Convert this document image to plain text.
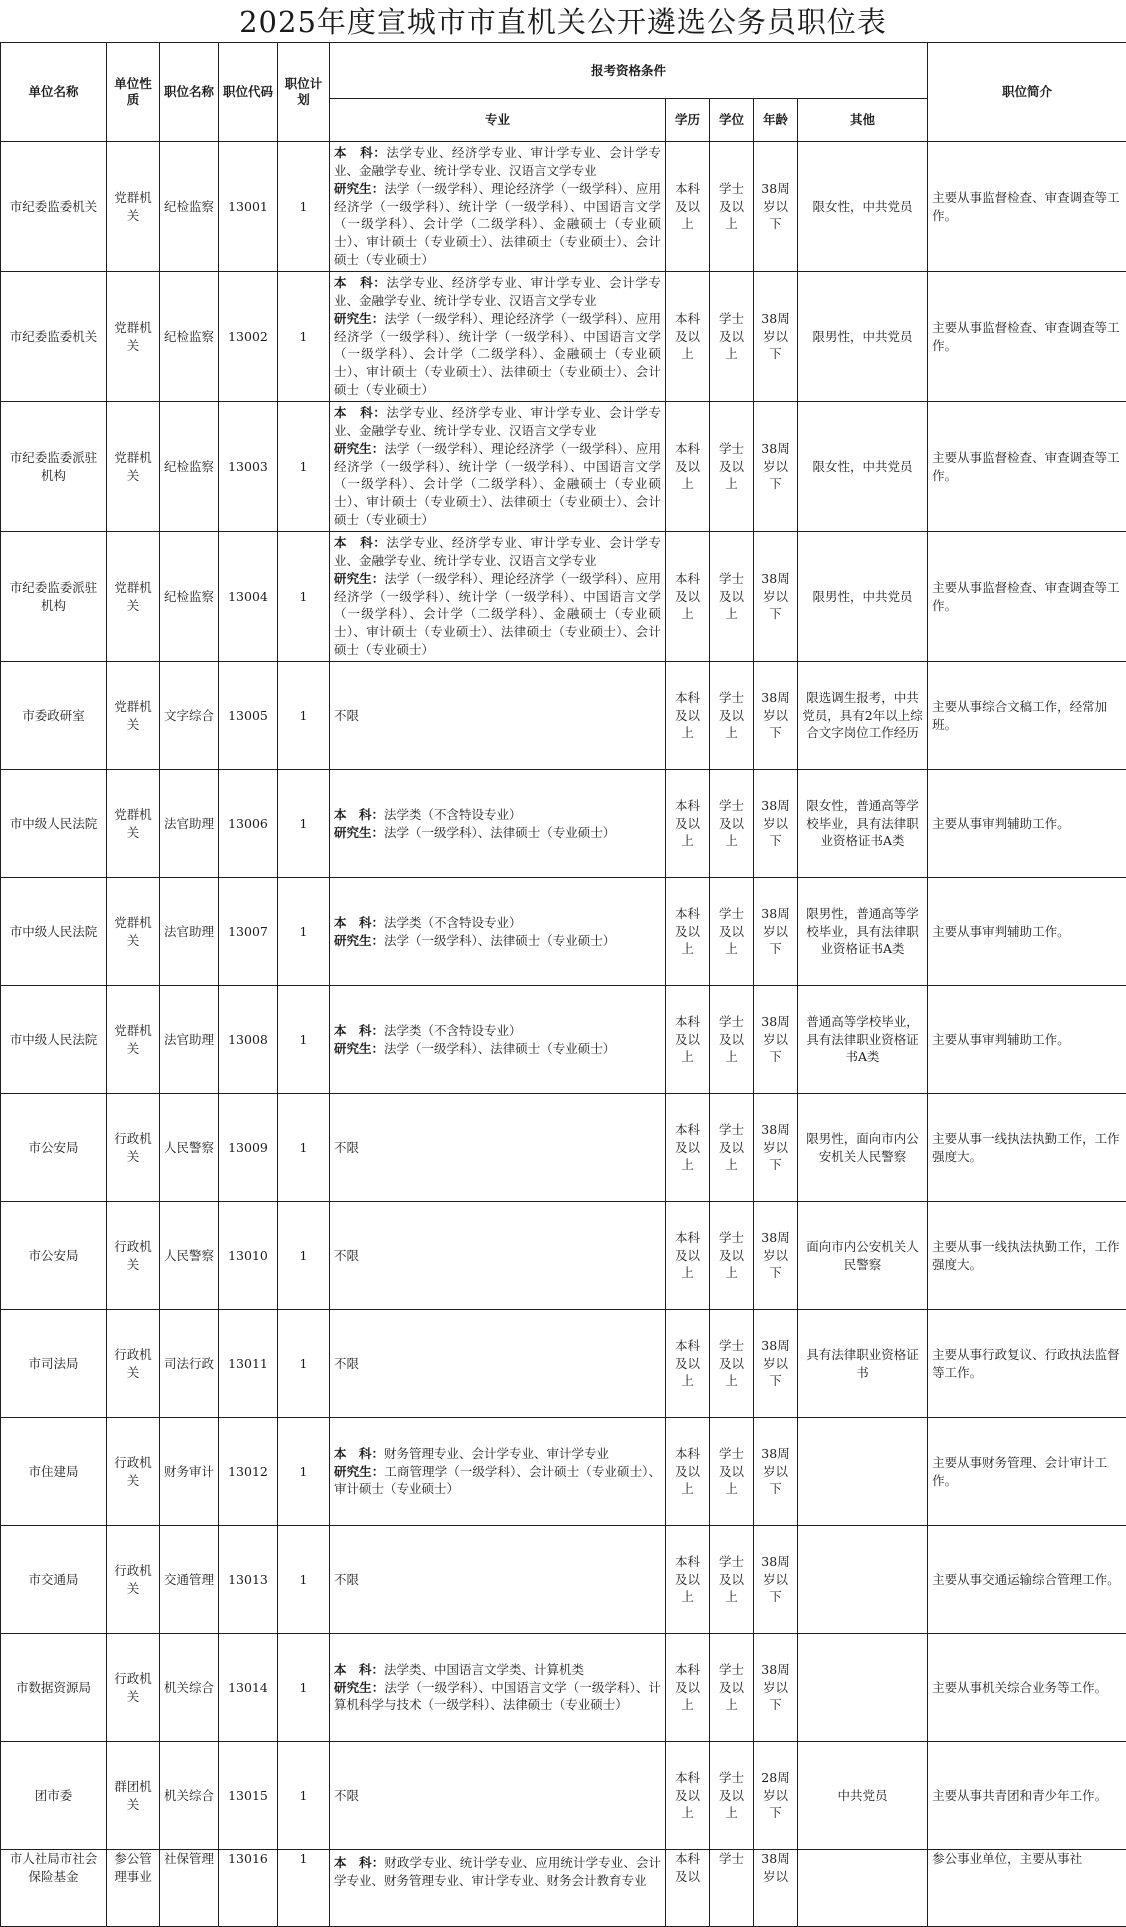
2025年度宣城市市直机关公开遴选公务员职位表
单位名称	单位性质	职位名称	职位代码	职位计划	报考资格条件					职位简介
					专业	学历	学位	年龄	其他	
市纪委监委机关	党群机关	纪检监察	13001	1	本　科：法学专业、经济学专业、审计学专业、会计学专业、金融学专业、统计学专业、汉语言文学专业
研究生：法学（一级学科）、理论经济学（一级学科）、应用经济学（一级学科）、统计学（一级学科）、中国语言文学（一级学科）、会计学（二级学科）、金融硕士（专业硕士）、审计硕士（专业硕士）、法律硕士（专业硕士）、会计硕士（专业硕士）	本科及以上	学士及以上	38周岁以下	限女性，中共党员	主要从事监督检查、审查调查等工作。
市纪委监委机关	党群机关	纪检监察	13002	1	本　科：法学专业、经济学专业、审计学专业、会计学专业、金融学专业、统计学专业、汉语言文学专业
研究生：法学（一级学科）、理论经济学（一级学科）、应用经济学（一级学科）、统计学（一级学科）、中国语言文学（一级学科）、会计学（二级学科）、金融硕士（专业硕士）、审计硕士（专业硕士）、法律硕士（专业硕士）、会计硕士（专业硕士）	本科及以上	学士及以上	38周岁以下	限男性，中共党员	主要从事监督检查、审查调查等工作。
市纪委监委派驻机构	党群机关	纪检监察	13003	1	本　科：法学专业、经济学专业、审计学专业、会计学专业、金融学专业、统计学专业、汉语言文学专业
研究生：法学（一级学科）、理论经济学（一级学科）、应用经济学（一级学科）、统计学（一级学科）、中国语言文学（一级学科）、会计学（二级学科）、金融硕士（专业硕士）、审计硕士（专业硕士）、法律硕士（专业硕士）、会计硕士（专业硕士）	本科及以上	学士及以上	38周岁以下	限女性，中共党员	主要从事监督检查、审查调查等工作。
市纪委监委派驻机构	党群机关	纪检监察	13004	1	本　科：法学专业、经济学专业、审计学专业、会计学专业、金融学专业、统计学专业、汉语言文学专业
研究生：法学（一级学科）、理论经济学（一级学科）、应用经济学（一级学科）、统计学（一级学科）、中国语言文学（一级学科）、会计学（二级学科）、金融硕士（专业硕士）、审计硕士（专业硕士）、法律硕士（专业硕士）、会计硕士（专业硕士）	本科及以上	学士及以上	38周岁以下	限男性，中共党员	主要从事监督检查、审查调查等工作。
市委政研室	党群机关	文字综合	13005	1	不限	本科及以上	学士及以上	38周岁以下	限选调生报考，中共党员，具有2年以上综合文字岗位工作经历	主要从事综合文稿工作，经常加班。
市中级人民法院	党群机关	法官助理	13006	1	本　科：法学类（不含特设专业）
研究生：法学（一级学科）、法律硕士（专业硕士）	本科及以上	学士及以上	38周岁以下	限女性，普通高等学校毕业，具有法律职业资格证书A类	主要从事审判辅助工作。
市中级人民法院	党群机关	法官助理	13007	1	本　科：法学类（不含特设专业）
研究生：法学（一级学科）、法律硕士（专业硕士）	本科及以上	学士及以上	38周岁以下	限男性，普通高等学校毕业，具有法律职业资格证书A类	主要从事审判辅助工作。
市中级人民法院	党群机关	法官助理	13008	1	本　科：法学类（不含特设专业）
研究生：法学（一级学科）、法律硕士（专业硕士）	本科及以上	学士及以上	38周岁以下	普通高等学校毕业，具有法律职业资格证书A类	主要从事审判辅助工作。
市公安局	行政机关	人民警察	13009	1	不限	本科及以上	学士及以上	38周岁以下	限男性，面向市内公安机关人民警察	主要从事一线执法执勤工作，工作强度大。
市公安局	行政机关	人民警察	13010	1	不限	本科及以上	学士及以上	38周岁以下	面向市内公安机关人民警察	主要从事一线执法执勤工作，工作强度大。
市司法局	行政机关	司法行政	13011	1	不限	本科及以上	学士及以上	38周岁以下	具有法律职业资格证书	主要从事行政复议、行政执法监督等工作。
市住建局	行政机关	财务审计	13012	1	本　科：财务管理专业、会计学专业、审计学专业
研究生：工商管理学（一级学科）、会计硕士（专业硕士）、审计硕士（专业硕士）	本科及以上	学士及以上	38周岁以下		主要从事财务管理、会计审计工作。
市交通局	行政机关	交通管理	13013	1	不限	本科及以上	学士及以上	38周岁以下		主要从事交通运输综合管理工作。
市数据资源局	行政机关	机关综合	13014	1	本　科：法学类、中国语言文学类、计算机类
研究生：法学（一级学科）、中国语言文学（一级学科）、计算机科学与技术（一级学科）、法律硕士（专业硕士）	本科及以上	学士及以上	38周岁以下		主要从事机关综合业务等工作。
团市委	群团机关	机关综合	13015	1	不限	本科及以上	学士及以上	28周岁以下	中共党员	主要从事共青团和青少年工作。
市人社局市社会保险基金	参公管理事业	社保管理	13016	1	本　科：财政学专业、统计学专业、应用统计学专业、会计学专业、财务管理专业、审计学专业、财务会计教育专业	本科及以	学士	38周岁以		参公事业单位，主要从事社
